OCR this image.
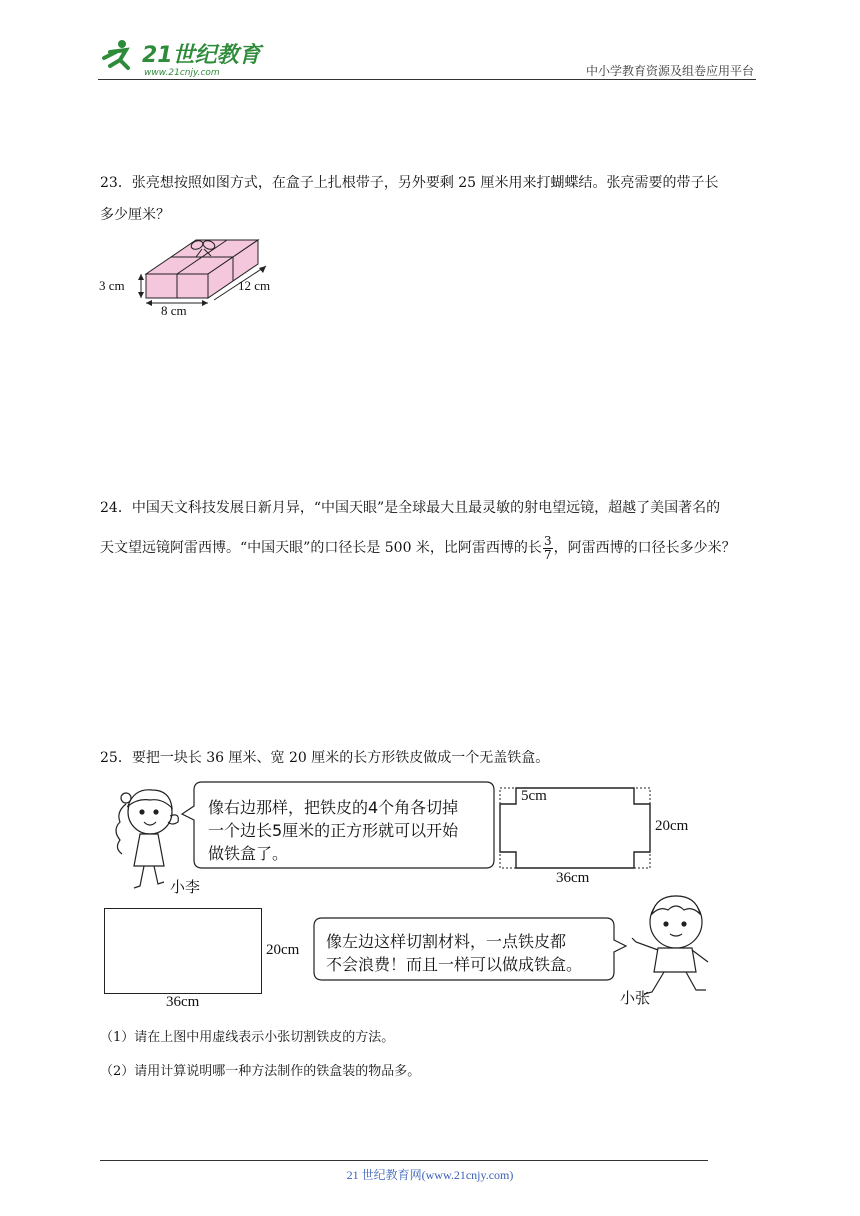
21世纪教育
www.21cnjy.com	中小学教育资源及组卷应用平台
23．张亮想按照如图方式，在盒子上扎根带子，另外要剩 25 厘米用来打蝴蝶结。张亮需要的带子长
多少厘米？
3 cm
8 cm
12 cm
24．中国天文科技发展日新月异，“中国天眼”是全球最大且最灵敏的射电望远镜，超越了美国著名的
天文望远镜阿雷西博。“中国天眼”的口径长是 500 米，比阿雷西博的长 $\frac{3}{7}$ ，阿雷西博的口径长多少米？
25．要把一块长 36 厘米、宽 20 厘米的长方形铁皮做成一个无盖铁盒。
小李
像右边那样，把铁皮的4个角各切掉
一个边长5厘米的正方形就可以开始
做铁盒了。
5cm
20cm
36cm
20cm
36cm
像左边这样切割材料，一点铁皮都
不会浪费！而且一样可以做成铁盒。
小张
（1）请在上图中用虚线表示小张切割铁皮的方法。
（2）请用计算说明哪一种方法制作的铁盒装的物品多。
21 世纪教育网(www.21cnjy.com)
